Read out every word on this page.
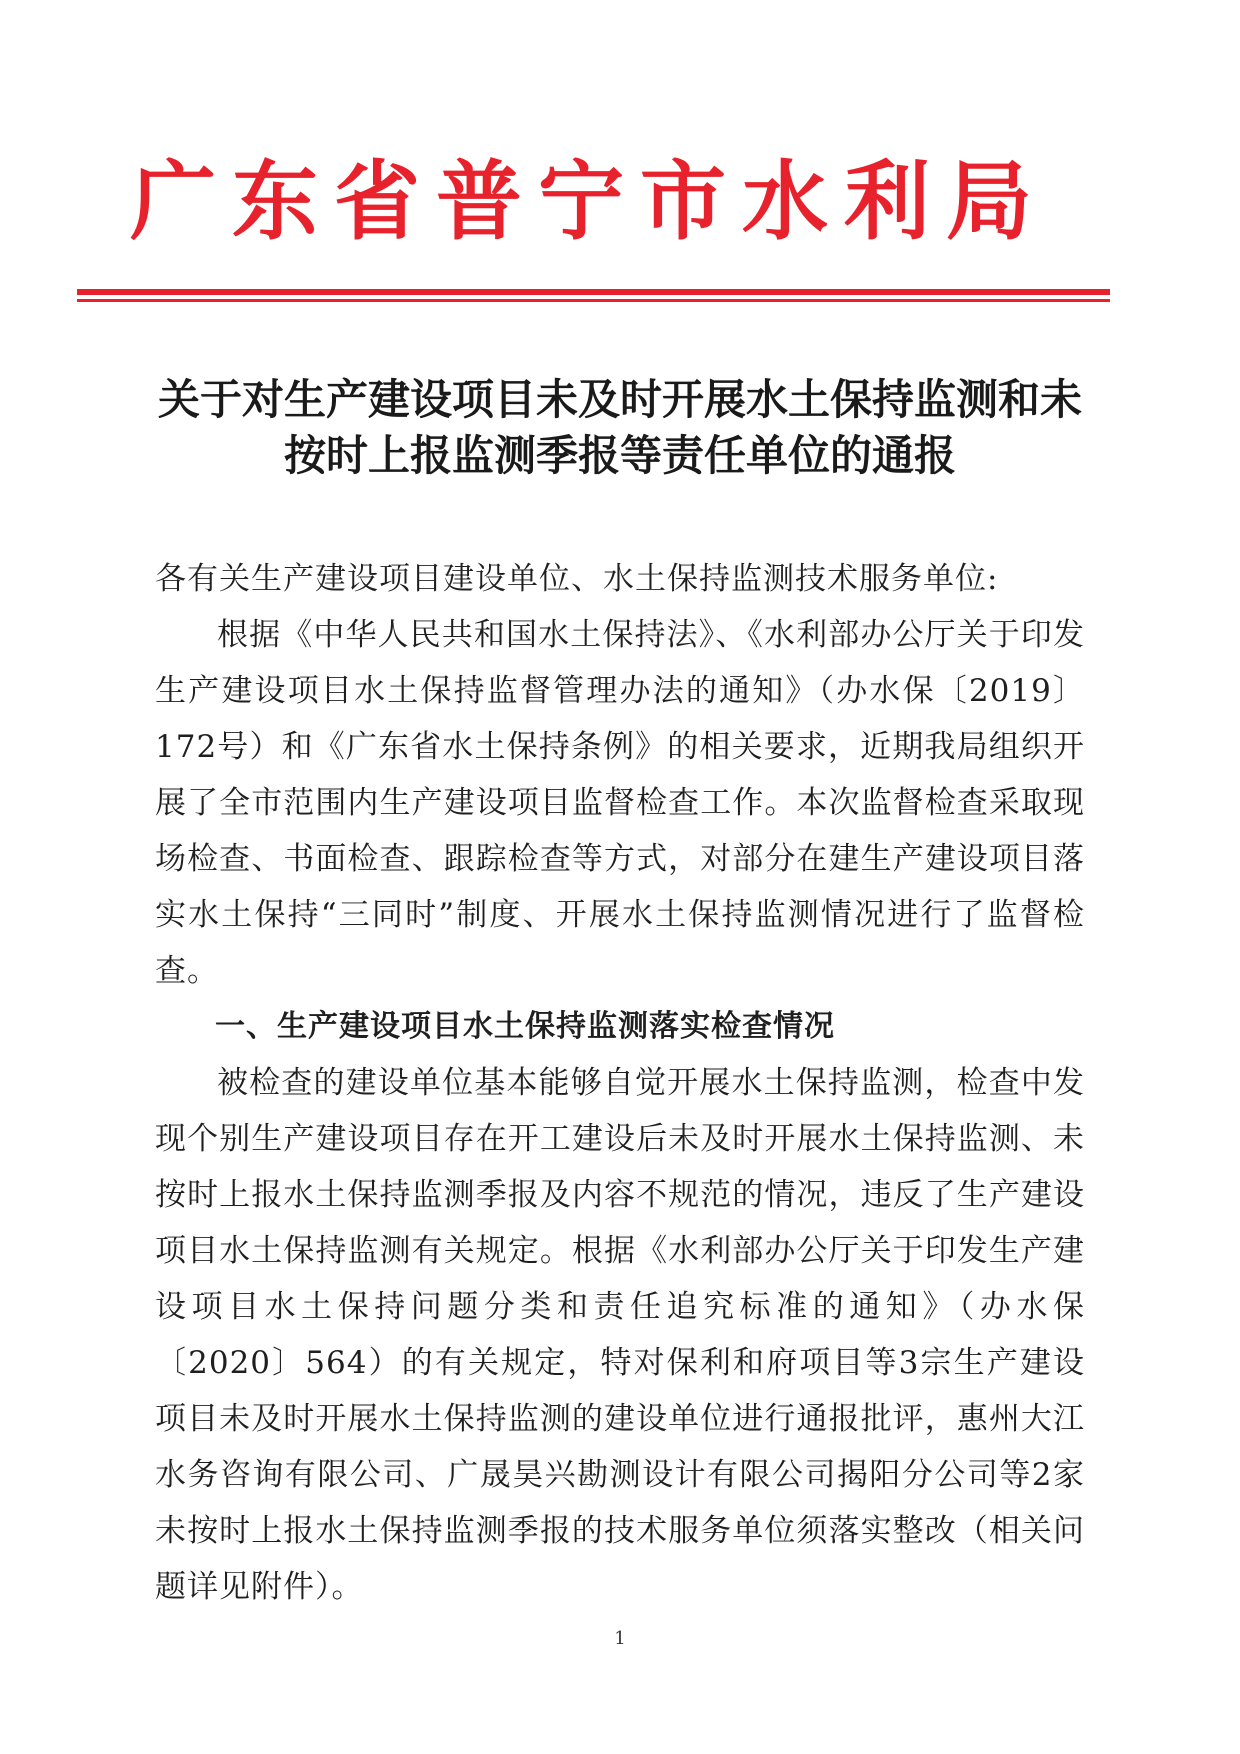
广东省普宁市水利局
关于对生产建设项目未及时开展水土保持监测和未
按时上报监测季报等责任单位的通报

各有关生产建设项目建设单位、水土保持监测技术服务单位:

根据《中华人民共和国水土保持法》、《水利部办公厅关于印发生产建设项目水土保持监督管理办法的通知》（办水保〔2019〕172号）和《广东省水土保持条例》的相关要求，近期我局组织开展了全市范围内生产建设项目监督检查工作。本次监督检查采取现场检查、书面检查、跟踪检查等方式，对部分在建生产建设项目落实水土保持“三同时”制度、开展水土保持监测情况进行了监督检查。

一、生产建设项目水土保持监测落实检查情况

被检查的建设单位基本能够自觉开展水土保持监测，检查中发现个别生产建设项目存在开工建设后未及时开展水土保持监测、未按时上报水土保持监测季报及内容不规范的情况，违反了生产建设项目水土保持监测有关规定。根据《水利部办公厅关于印发生产建设项目水土保持问题分类和责任追究标准的通知》（办水保〔2020〕564）的有关规定，特对保利和府项目等3宗生产建设项目未及时开展水土保持监测的建设单位进行通报批评，惠州大江水务咨询有限公司、广晟昊兴勘测设计有限公司揭阳分公司等2家未按时上报水土保持监测季报的技术服务单位须落实整改（相关问题详见附件）。

1
